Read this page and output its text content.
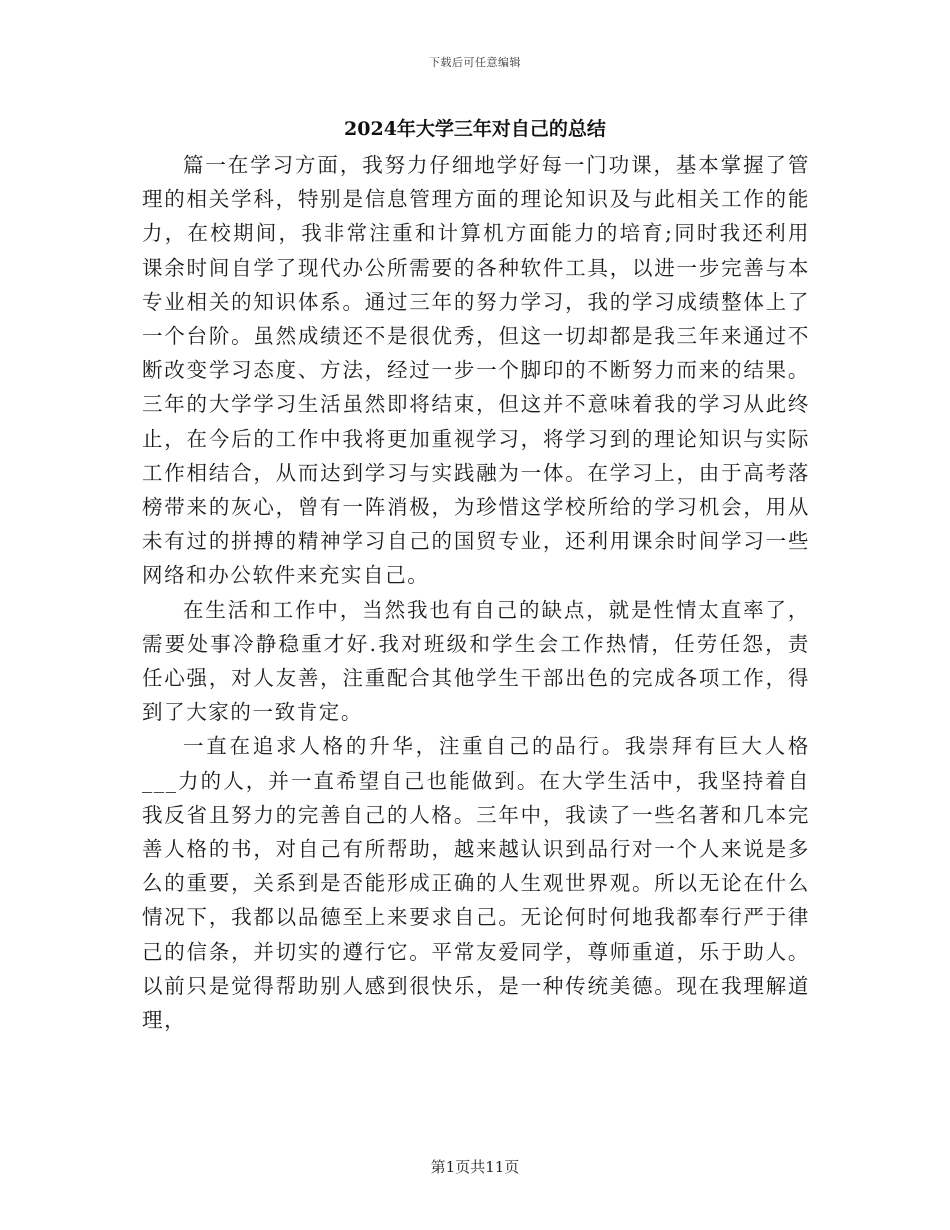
下载后可任意编辑
2024年大学三年对自己的总结

篇一在学习方面，我努力仔细地学好每一门功课，基本掌握了管理的相关学科，特别是信息管理方面的理论知识及与此相关工作的能力，在校期间，我非常注重和计算机方面能力的培育;同时我还利用课余时间自学了现代办公所需要的各种软件工具，以进一步完善与本专业相关的知识体系。通过三年的努力学习，我的学习成绩整体上了一个台阶。虽然成绩还不是很优秀，但这一切却都是我三年来通过不断改变学习态度、方法，经过一步一个脚印的不断努力而来的结果。三年的大学学习生活虽然即将结束，但这并不意味着我的学习从此终止，在今后的工作中我将更加重视学习，将学习到的理论知识与实际工作相结合，从而达到学习与实践融为一体。在学习上，由于高考落榜带来的灰心，曾有一阵消极，为珍惜这学校所给的学习机会，用从未有过的拼搏的精神学习自己的国贸专业，还利用课余时间学习一些网络和办公软件来充实自己。

在生活和工作中，当然我也有自己的缺点，就是性情太直率了，需要处事冷静稳重才好.我对班级和学生会工作热情，任劳任怨，责任心强，对人友善，注重配合其他学生干部出色的完成各项工作，得到了大家的一致肯定。

一直在追求人格的升华，注重自己的品行。我崇拜有巨大人格___力的人，并一直希望自己也能做到。在大学生活中，我坚持着自我反省且努力的完善自己的人格。三年中，我读了一些名著和几本完善人格的书，对自己有所帮助，越来越认识到品行对一个人来说是多么的重要，关系到是否能形成正确的人生观世界观。所以无论在什么情况下，我都以品德至上来要求自己。无论何时何地我都奉行严于律己的信条，并切实的遵行它。平常友爱同学，尊师重道，乐于助人。以前只是觉得帮助别人感到很快乐，是一种传统美德。现在我理解道理，

第1页共11页
